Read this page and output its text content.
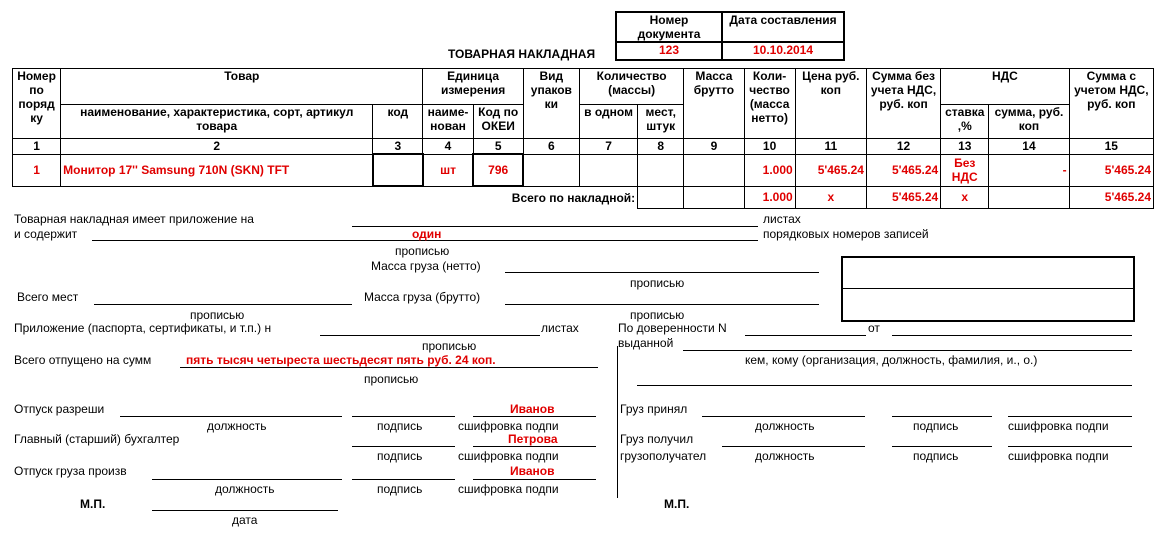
ТОВАРНАЯ НАКЛАДНАЯ
Номер документа	Дата составления
123	10.10.2014
Номер по поряд ку	Товар		Единица измерения		Вид упаков ки	Количество (массы)		Масса брутто	Коли- чество (масса нетто)	Цена руб. коп	Сумма без учета НДС, руб. коп	НДС		Сумма с учетом НДС, руб. коп
	наименование, характеристика, сорт, артикул товара	код	наиме- нован	Код по ОКЕИ		в одном	мест, штук					ставка ,%	сумма, руб. коп	
1	2	3	4	5	6	7	8	9	10	11	12	13	14	15
1	Монитор 17'' Samsung 710N (SKN) TFT		шт	796					1.000	5'465.24	5'465.24	Без НДС	-	5'465.24
Всего по накладной:									1.000	x	5'465.24	x		5'465.24
Товарная накладная имеет приложение на	листах
и содержит	один	порядковых номеров записей
прописью
Масса груза (нетто)
прописью
Всего мест	Масса груза (брутто)
прописью	прописью
Приложение (паспорта, сертификаты, и т.п.) н	листах
прописью
Всего отпущено на сумм	пять тысяч четыреста шестьдесят пять руб. 24 коп.
прописью
Отпуск разреши	Иванов
должность	подпись	сшифровка подпи
Главный (старший) бухгалтер	Петрова
подпись	сшифровка подпи
Отпуск груза произв	Иванов
должность	подпись	сшифровка подпи
М.П.
дата
По доверенности N	от
выданной
кем, кому (организация, должность, фамилия, и., о.)
Груз принял
должность	подпись	сшифровка подпи
Груз получил
грузополучател	должность	подпись	сшифровка подпи
М.П.
